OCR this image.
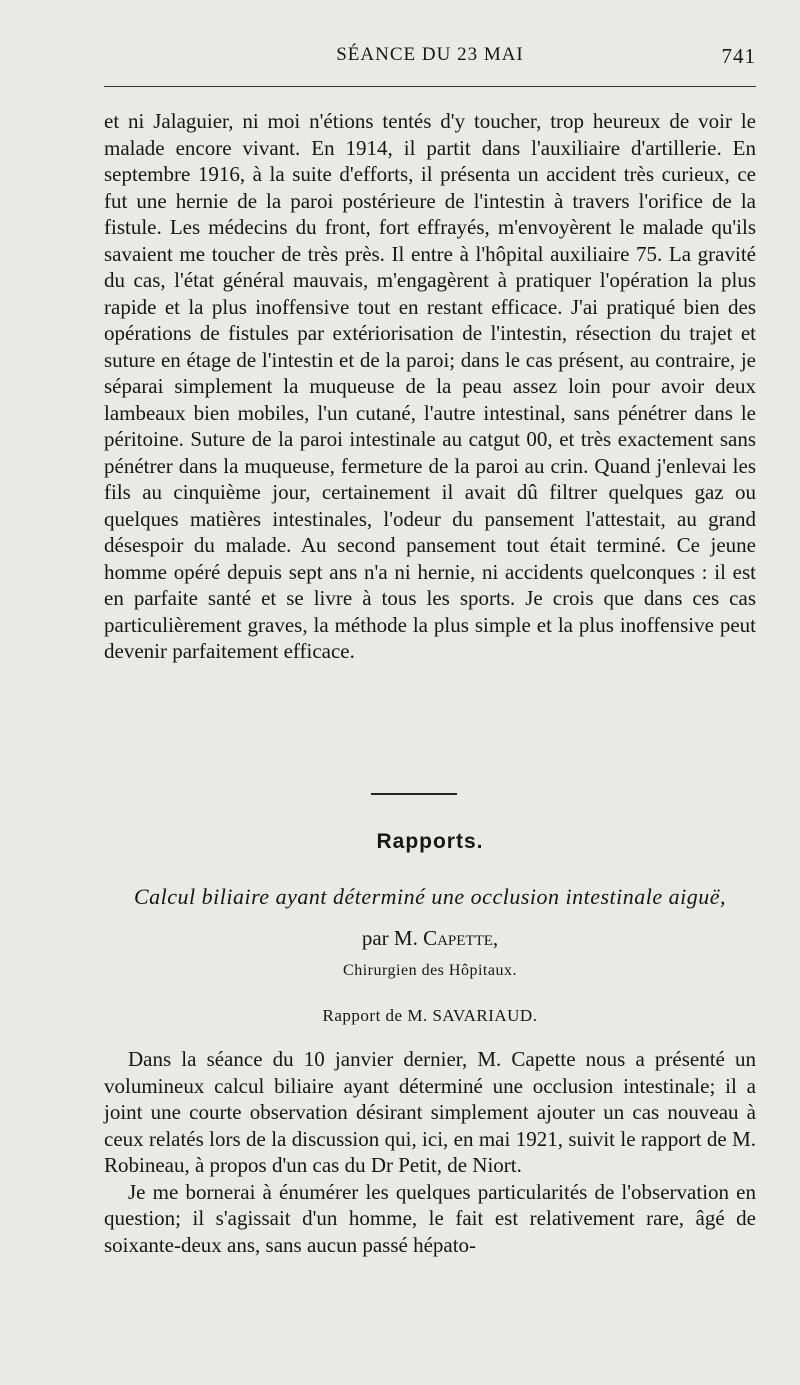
SÉANCE DU 23 MAI	741

et ni Jalaguier, ni moi n'étions tentés d'y toucher, trop heureux de voir le malade encore vivant. En 1914, il partit dans l'auxiliaire d'artillerie. En septembre 1916, à la suite d'efforts, il présenta un accident très curieux, ce fut une hernie de la paroi postérieure de l'intestin à travers l'orifice de la fistule. Les médecins du front, fort effrayés, m'envoyèrent le malade qu'ils savaient me toucher de très près. Il entre à l'hôpital auxiliaire 75. La gravité du cas, l'état général mauvais, m'engagèrent à pratiquer l'opération la plus rapide et la plus inoffensive tout en restant efficace. J'ai pratiqué bien des opérations de fistules par extériorisation de l'intestin, résection du trajet et suture en étage de l'intestin et de la paroi; dans le cas présent, au contraire, je séparai simplement la muqueuse de la peau assez loin pour avoir deux lambeaux bien mobiles, l'un cutané, l'autre intestinal, sans pénétrer dans le péritoine. Suture de la paroi intestinale au catgut 00, et très exactement sans pénétrer dans la muqueuse, fermeture de la paroi au crin. Quand j'enlevai les fils au cinquième jour, certainement il avait dû filtrer quelques gaz ou quelques matières intestinales, l'odeur du pansement l'attestait, au grand désespoir du malade. Au second pansement tout était terminé. Ce jeune homme opéré depuis sept ans n'a ni hernie, ni accidents quelconques : il est en parfaite santé et se livre à tous les sports. Je crois que dans ces cas particulièrement graves, la méthode la plus simple et la plus inoffensive peut devenir parfaitement efficace.

Rapports.
Calcul biliaire ayant déterminé une occlusion intestinale aiguë,
par M. Capette,
Chirurgien des Hôpitaux.
Rapport de M. SAVARIAUD.

Dans la séance du 10 janvier dernier, M. Capette nous a présenté un volumineux calcul biliaire ayant déterminé une occlusion intestinale; il a joint une courte observation désirant simplement ajouter un cas nouveau à ceux relatés lors de la discussion qui, ici, en mai 1921, suivit le rapport de M. Robineau, à propos d'un cas du Dr Petit, de Niort.

Je me bornerai à énumérer les quelques particularités de l'observation en question; il s'agissait d'un homme, le fait est relativement rare, âgé de soixante-deux ans, sans aucun passé hépato-
